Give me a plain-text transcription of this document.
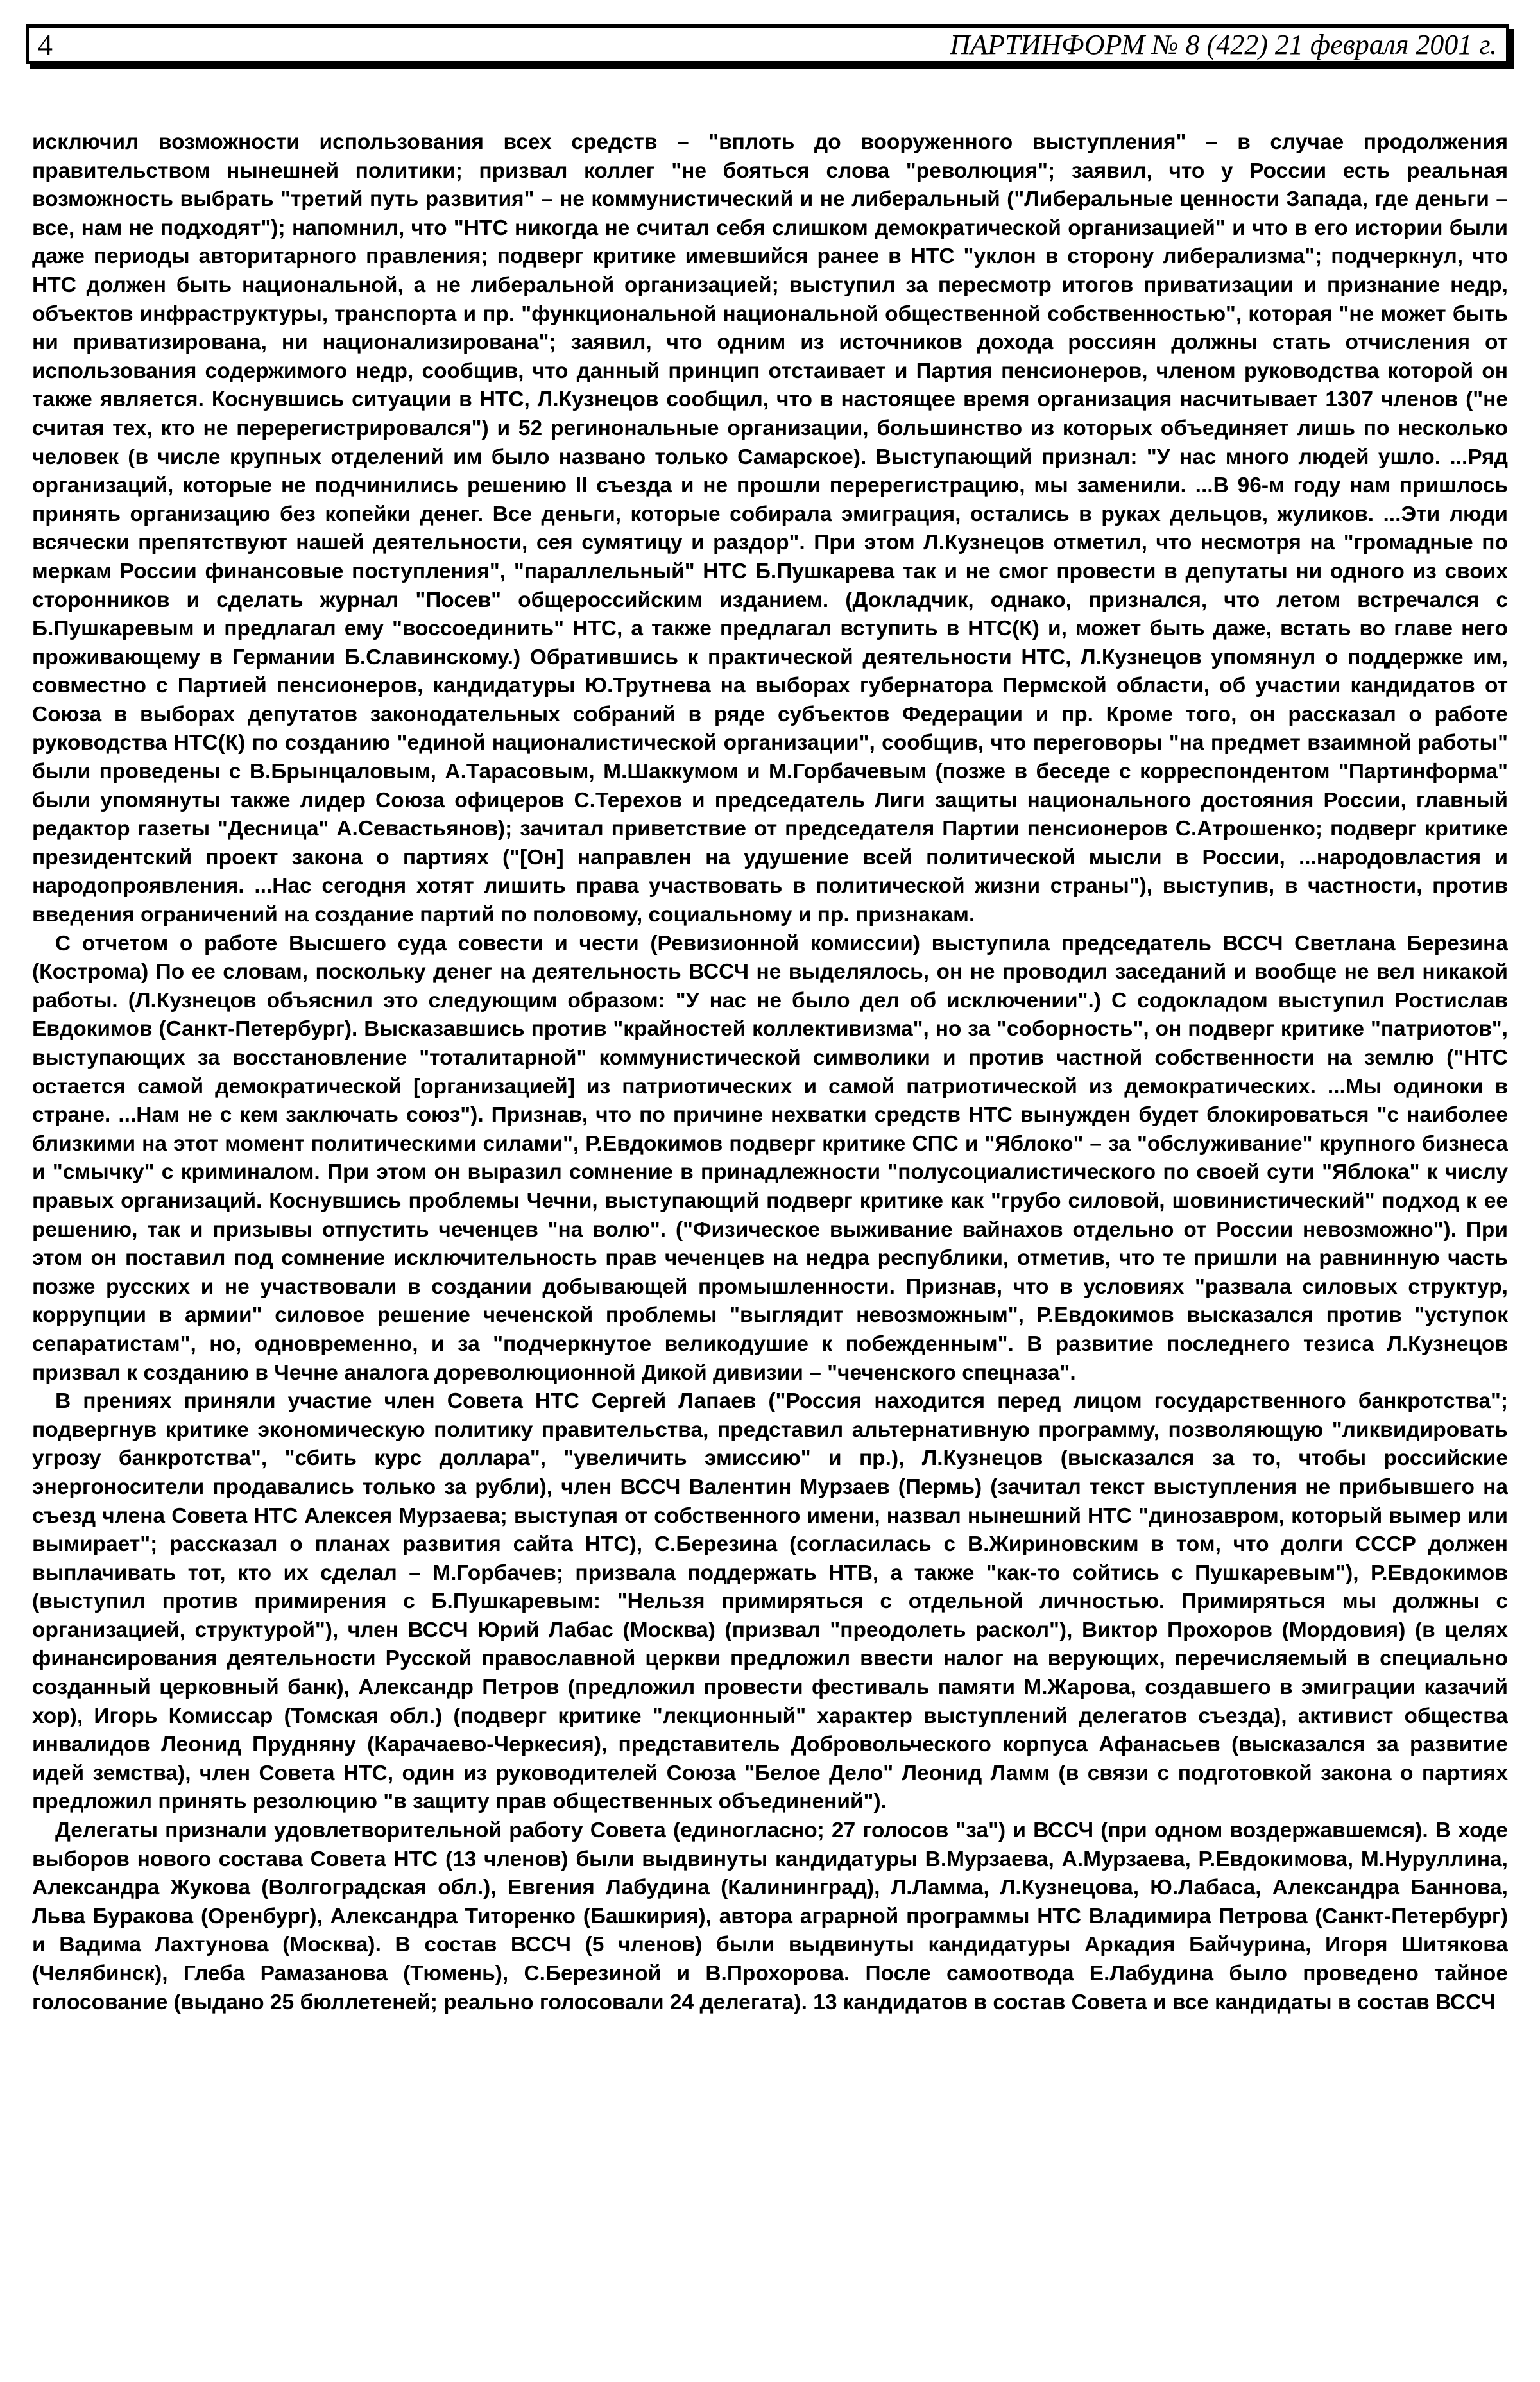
4	ПАРТИНФОРМ № 8 (422) 21 февраля 2001 г.

исключил возможности использования всех средств – "вплоть до вооруженного выступления" – в случае продолжения правительством нынешней политики; призвал коллег "не бояться слова "революция"; заявил, что у России есть реальная возможность выбрать "третий путь развития" – не коммунистический и не либеральный ("Либеральные ценности Запада, где деньги – все, нам не подходят"); напомнил, что "НТС никогда не считал себя слишком демократической организацией" и что в его истории были даже периоды авторитарного правления; подверг критике имевшийся ранее в НТС "уклон в сторону либерализма"; подчеркнул, что НТС должен быть национальной, а не либеральной организацией; выступил за пересмотр итогов приватизации и признание недр, объектов инфраструктуры, транспорта и пр. "функциональной национальной общественной собственностью", которая "не может быть ни приватизирована, ни национализирована"; заявил, что одним из источников дохода россиян должны стать отчисления от использования содержимого недр, сообщив, что данный принцип отстаивает и Партия пенсионеров, членом руководства которой он также является. Коснувшись ситуации в НТС, Л.Кузнецов сообщил, что в настоящее время организация насчитывает 1307 членов ("не считая тех, кто не перерегистрировался") и 52 регинональные организации, большинство из которых объединяет лишь по несколько человек (в числе крупных отделений им было названо только Самарское). Выступающий признал: "У нас много людей ушло. ...Ряд организаций, которые не подчинились решению II съезда и не прошли перерегистрацию, мы заменили. ...В 96-м году нам пришлось принять организацию без копейки денег. Все деньги, которые собирала эмиграция, остались в руках дельцов, жуликов. ...Эти люди всячески препятствуют нашей деятельности, сея сумятицу и раздор". При этом Л.Кузнецов отметил, что несмотря на "громадные по меркам России финансовые поступления", "параллельный" НТС Б.Пушкарева так и не смог провести в депутаты ни одного из своих сторонников и сделать журнал "Посев" общероссийским изданием. (Докладчик, однако, признался, что летом встречался с Б.Пушкаревым и предлагал ему "воссоединить" НТС, а также предлагал вступить в НТС(К) и, может быть даже, встать во главе него проживающему в Германии Б.Славинскому.) Обратившись к практической деятельности НТС, Л.Кузнецов упомянул о поддержке им, совместно с Партией пенсионеров, кандидатуры Ю.Трутнева на выборах губернатора Пермской области, об участии кандидатов от Союза в выборах депутатов законодательных собраний в ряде субъектов Федерации и пр. Кроме того, он рассказал о работе руководства НТС(К) по созданию "единой националистической организации", сообщив, что переговоры "на предмет взаимной работы" были проведены с В.Брынцаловым, А.Тарасовым, М.Шаккумом и М.Горбачевым (позже в беседе с корреспондентом "Партинформа" были упомянуты также лидер Союза офицеров С.Терехов и председатель Лиги защиты национального достояния России, главный редактор газеты "Десница" А.Севастьянов); зачитал приветствие от председателя Партии пенсионеров С.Атрошенко; подверг критике президентский проект закона о партиях ("[Он] направлен на удушение всей политической мысли в России, ...народовластия и народопроявления. ...Нас сегодня хотят лишить права участвовать в политической жизни страны"), выступив, в частности, против введения ограничений на создание партий по половому, социальному и пр. признакам.

С отчетом о работе Высшего суда совести и чести (Ревизионной комиссии) выступила председатель ВССЧ Светлана Березина (Кострома) По ее словам, поскольку денег на деятельность ВССЧ не выделялось, он не проводил заседаний и вообще не вел никакой работы. (Л.Кузнецов объяснил это следующим образом: "У нас не было дел об исключении".) С содокладом выступил Ростислав Евдокимов (Санкт-Петербург). Высказавшись против "крайностей коллективизма", но за "соборность", он подверг критике "патриотов", выступающих за восстановление "тоталитарной" коммунистической символики и против частной собственности на землю ("НТС остается самой демократической [организацией] из патриотических и самой патриотической из демократических. ...Мы одиноки в стране. ...Нам не с кем заключать союз"). Признав, что по причине нехватки средств НТС вынужден будет блокироваться "с наиболее близкими на этот момент политическими силами", Р.Евдокимов подверг критике СПС и "Яблоко" – за "обслуживание" крупного бизнеса и "смычку" с криминалом. При этом он выразил сомнение в принадлежности "полусоциалистического по своей сути "Яблока" к числу правых организаций. Коснувшись проблемы Чечни, выступающий подверг критике как "грубо силовой, шовинистический" подход к ее решению, так и призывы отпустить чеченцев "на волю". ("Физическое выживание вайнахов отдельно от России невозможно"). При этом он поставил под сомнение исключительность прав чеченцев на недра республики, отметив, что те пришли на равнинную часть позже русских и не участвовали в создании добывающей промышленности. Признав, что в условиях "развала силовых структур, коррупции в армии" силовое решение чеченской проблемы "выглядит невозможным", Р.Евдокимов высказался против "уступок сепаратистам", но, одновременно, и за "подчеркнутое великодушие к побежденным". В развитие последнего тезиса Л.Кузнецов призвал к созданию в Чечне аналога дореволюционной Дикой дивизии – "чеченского спецназа".

В прениях приняли участие член Совета НТС Сергей Лапаев ("Россия находится перед лицом государственного банкротства"; подвергнув критике экономическую политику правительства, представил альтернативную программу, позволяющую "ликвидировать угрозу банкротства", "сбить курс доллара", "увеличить эмиссию" и пр.), Л.Кузнецов (высказался за то, чтобы российские энергоносители продавались только за рубли), член ВССЧ Валентин Мурзаев (Пермь) (зачитал текст выступления не прибывшего на съезд члена Совета НТС Алексея Мурзаева; выступая от собственного имени, назвал нынешний НТС "динозавром, который вымер или вымирает"; рассказал о планах развития сайта НТС), С.Березина (согласилась с В.Жириновским в том, что долги СССР должен выплачивать тот, кто их сделал – М.Горбачев; призвала поддержать НТВ, а также "как-то сойтись с Пушкаревым"), Р.Евдокимов (выступил против примирения с Б.Пушкаревым: "Нельзя примиряться с отдельной личностью. Примиряться мы должны с организацией, структурой"), член ВССЧ Юрий Лабас (Москва) (призвал "преодолеть раскол"), Виктор Прохоров (Мордовия) (в целях финансирования деятельности Русской православной церкви предложил ввести налог на верующих, перечисляемый в специально созданный церковный банк), Александр Петров (предложил провести фестиваль памяти М.Жарова, создавшего в эмиграции казачий хор), Игорь Комиссар (Томская обл.) (подверг критике "лекционный" характер выступлений делегатов съезда), активист общества инвалидов Леонид Прудняну (Карачаево-Черкесия), представитель Добровольческого корпуса Афанасьев (высказался за развитие идей земства), член Совета НТС, один из руководителей Союза "Белое Дело" Леонид Ламм (в связи с подготовкой закона о партиях предложил принять резолюцию "в защиту прав общественных объединений").

Делегаты признали удовлетворительной работу Совета (единогласно; 27 голосов "за") и ВССЧ (при одном воздержавшемся). В ходе выборов нового состава Совета НТС (13 членов) были выдвинуты кандидатуры В.Мурзаева, А.Мурзаева, Р.Евдокимова, М.Нуруллина, Александра Жукова (Волгоградская обл.), Евгения Лабудина (Калининград), Л.Ламма, Л.Кузнецова, Ю.Лабаса, Александра Баннова, Льва Буракова (Оренбург), Александра Титоренко (Башкирия), автора аграрной программы НТС Владимира Петрова (Санкт-Петербург) и Вадима Лахтунова (Москва). В состав ВССЧ (5 членов) были выдвинуты кандидатуры Аркадия Байчурина, Игоря Шитякова (Челябинск), Глеба Рамазанова (Тюмень), С.Березиной и В.Прохорова. После самоотвода Е.Лабудина было проведено тайное голосование (выдано 25 бюллетеней; реально голосовали 24 делегата). 13 кандидатов в состав Совета и все кандидаты в состав ВССЧ
